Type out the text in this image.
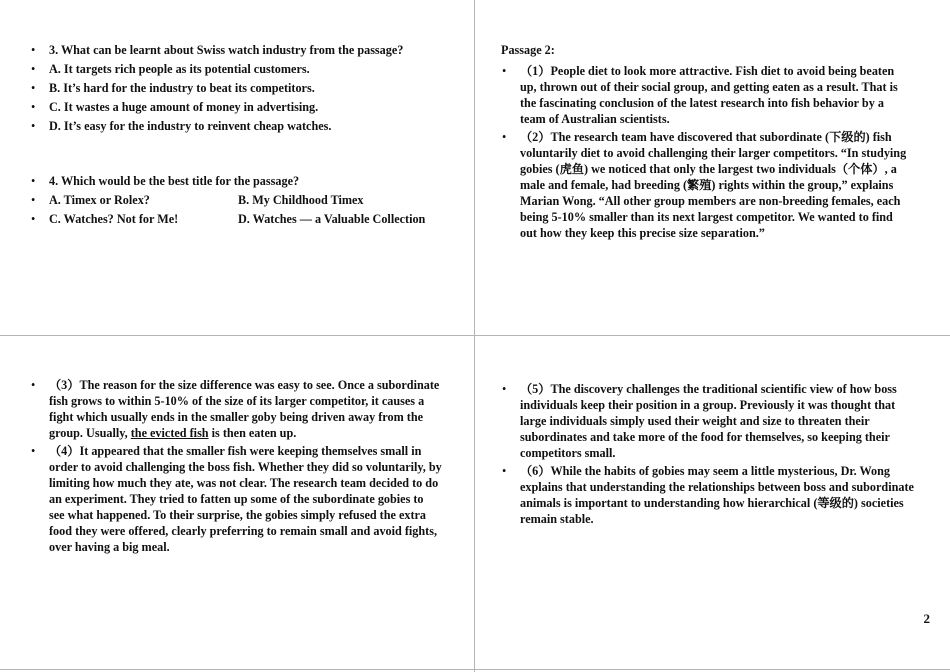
• 3. What can be learnt about Swiss watch industry from the passage?
• A. It targets rich people as its potential customers.
• B. It’s hard for the industry to beat its competitors.
• C. It wastes a huge amount of money in advertising.
• D. It’s easy for the industry to reinvent cheap watches.
• 4. Which would be the best title for the passage?
• A. Timex or Rolex?	B. My Childhood Timex
• C. Watches? Not for Me!	D. Watches — a Valuable Collection
Passage 2:
• （1）People diet to look more attractive. Fish diet to avoid being beaten up, thrown out of their social group, and getting eaten as a result. That is the fascinating conclusion of the latest research into fish behavior by a team of Australian scientists.
• （2）The research team have discovered that subordinate (下级的) fish voluntarily diet to avoid challenging their larger competitors. “In studying gobies (虎鱼) we noticed that only the largest two individuals（个体）, a male and female, had breeding (繁殖) rights within the group,” explains Marian Wong. “All other group members are non-breeding females, each being 5-10% smaller than its next largest competitor. We wanted to find out how they keep this precise size separation.”
• （3）The reason for the size difference was easy to see. Once a subordinate fish grows to within 5-10% of the size of its larger competitor, it causes a fight which usually ends in the smaller goby being driven away from the group. Usually, the evicted fish is then eaten up.
• （4）It appeared that the smaller fish were keeping themselves small in order to avoid challenging the boss fish. Whether they did so voluntarily, by limiting how much they ate, was not clear. The research team decided to do an experiment. They tried to fatten up some of the subordinate gobies to see what happened. To their surprise, the gobies simply refused the extra food they were offered, clearly preferring to remain small and avoid fights, over having a big meal.
• （5）The discovery challenges the traditional scientific view of how boss individuals keep their position in a group. Previously it was thought that large individuals simply used their weight and size to threaten their subordinates and take more of the food for themselves, so keeping their competitors small.
• （6）While the habits of gobies may seem a little mysterious, Dr. Wong explains that understanding the relationships between boss and subordinate animals is important to understanding how hierarchical (等级的) societies remain stable.
2
